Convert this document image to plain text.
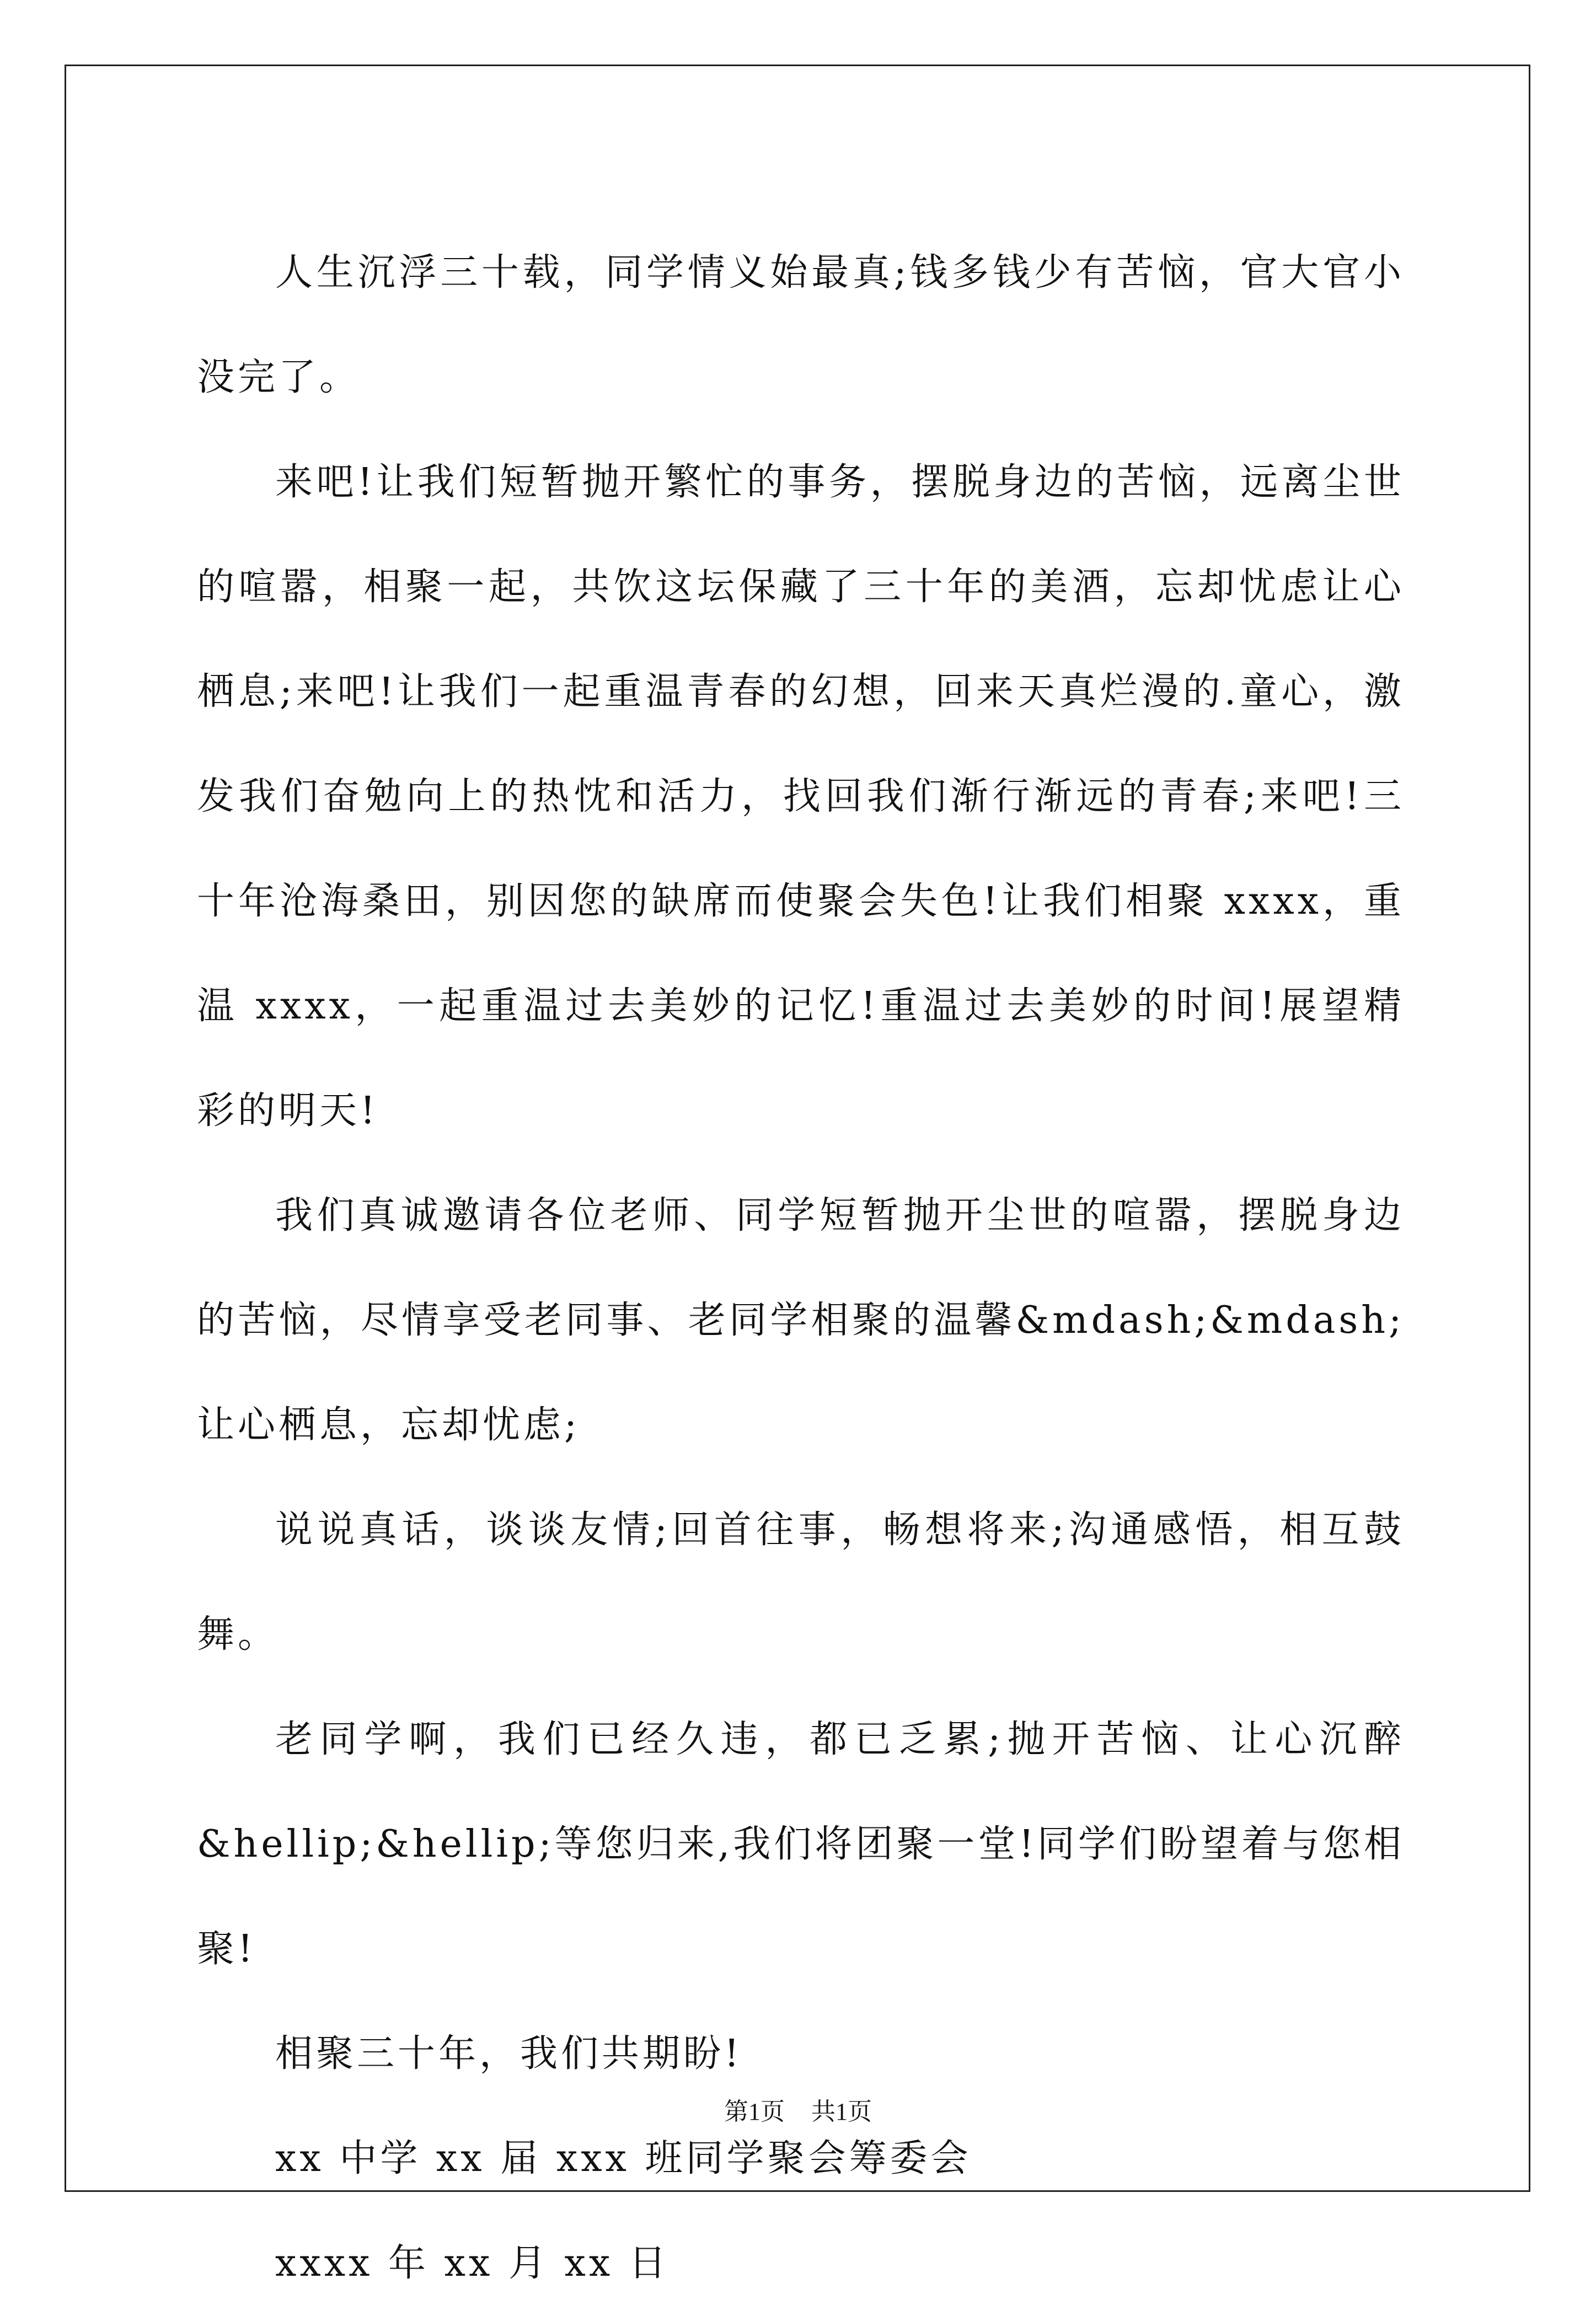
人生沉浮三十载，同学情义始最真;钱多钱少有苦恼，官大官小没完了。

来吧!让我们短暂抛开繁忙的事务，摆脱身边的苦恼，远离尘世的喧嚣，相聚一起，共饮这坛保藏了三十年的美酒，忘却忧虑让心栖息;来吧!让我们一起重温青春的幻想，回来天真烂漫的.童心，激发我们奋勉向上的热忱和活力，找回我们渐行渐远的青春;来吧!三十年沧海桑田，别因您的缺席而使聚会失色!让我们相聚 xxxx，重温 xxxx，一起重温过去美妙的记忆!重温过去美妙的时间!展望精彩的明天!

我们真诚邀请各位老师、同学短暂抛开尘世的喧嚣，摆脱身边的苦恼，尽情享受老同事、老同学相聚的温馨&mdash;&mdash;让心栖息，忘却忧虑;

说说真话，谈谈友情;回首往事，畅想将来;沟通感悟，相互鼓舞。

老同学啊，我们已经久违，都已乏累;抛开苦恼、让心沉醉&hellip;&hellip;等您归来,我们将团聚一堂!同学们盼望着与您相聚!

相聚三十年，我们共期盼!

xx 中学 xx 届 xxx 班同学聚会筹委会

xxxx 年 xx 月 xx 日

第1页 共1页
